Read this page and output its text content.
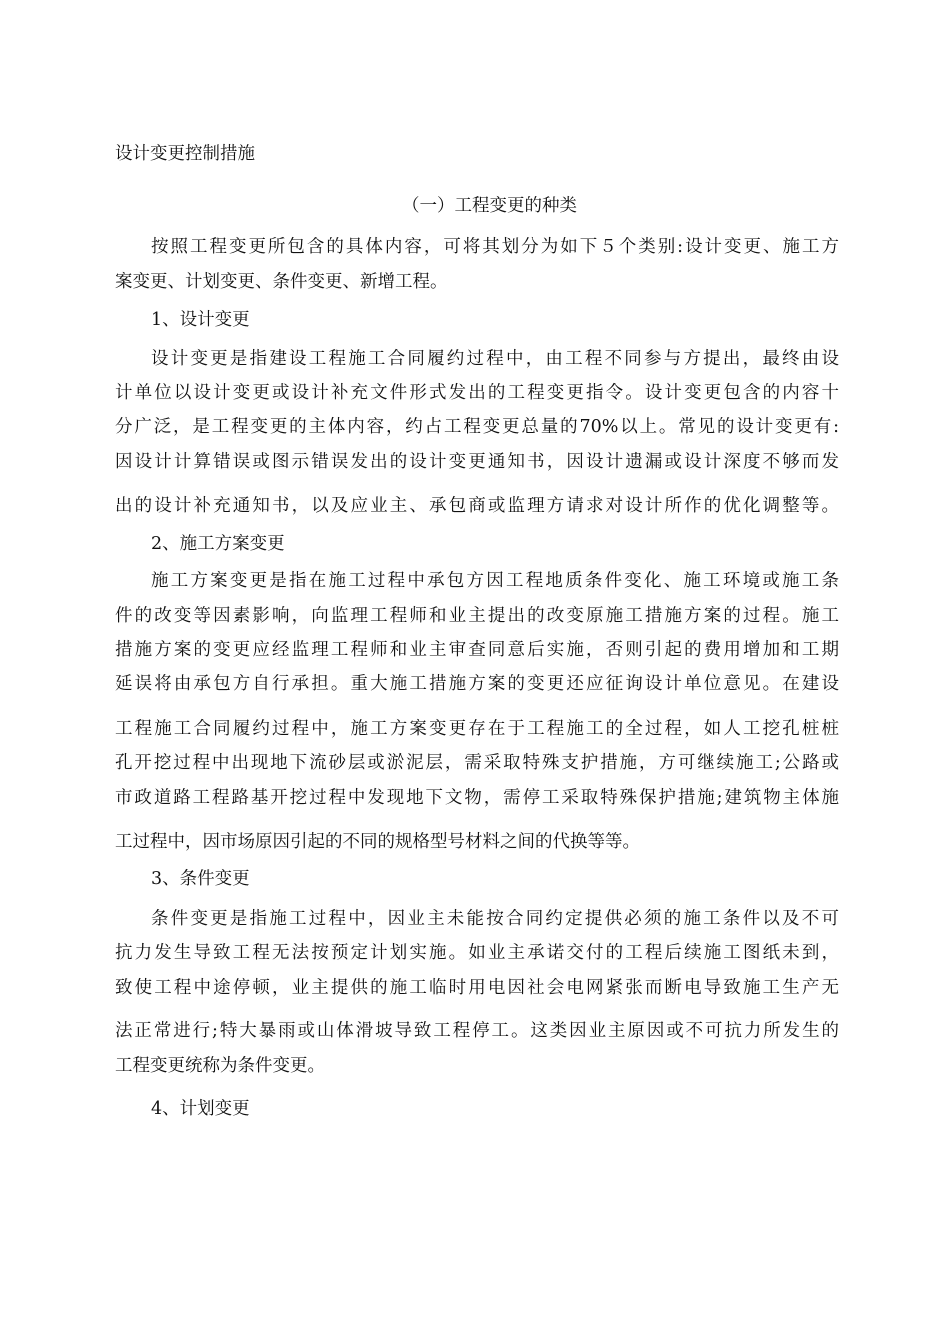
设计变更控制措施

（一）工程变更的种类

按照工程变更所包含的具体内容，可将其划分为如下５个类别:设计变更、施工方

案变更、计划变更、条件变更、新增工程。

1、设计变更

设计变更是指建设工程施工合同履约过程中，由工程不同参与方提出，最终由设

计单位以设计变更或设计补充文件形式发出的工程变更指令。设计变更包含的内容十

分广泛，是工程变更的主体内容，约占工程变更总量的70%以上。常见的设计变更有:

因设计计算错误或图示错误发出的设计变更通知书，因设计遗漏或设计深度不够而发

出的设计补充通知书，以及应业主、承包商或监理方请求对设计所作的优化调整等。

2、施工方案变更

施工方案变更是指在施工过程中承包方因工程地质条件变化、施工环境或施工条

件的改变等因素影响，向监理工程师和业主提出的改变原施工措施方案的过程。施工

措施方案的变更应经监理工程师和业主审查同意后实施，否则引起的费用增加和工期

延误将由承包方自行承担。重大施工措施方案的变更还应征询设计单位意见。在建设

工程施工合同履约过程中，施工方案变更存在于工程施工的全过程，如人工挖孔桩桩

孔开挖过程中出现地下流砂层或淤泥层，需采取特殊支护措施，方可继续施工;公路或

市政道路工程路基开挖过程中发现地下文物，需停工采取特殊保护措施;建筑物主体施

工过程中，因市场原因引起的不同的规格型号材料之间的代换等等。

3、条件变更

条件变更是指施工过程中，因业主未能按合同约定提供必须的施工条件以及不可

抗力发生导致工程无法按预定计划实施。如业主承诺交付的工程后续施工图纸未到，

致使工程中途停顿，业主提供的施工临时用电因社会电网紧张而断电导致施工生产无

法正常进行;特大暴雨或山体滑坡导致工程停工。这类因业主原因或不可抗力所发生的

工程变更统称为条件变更。

4、计划变更
